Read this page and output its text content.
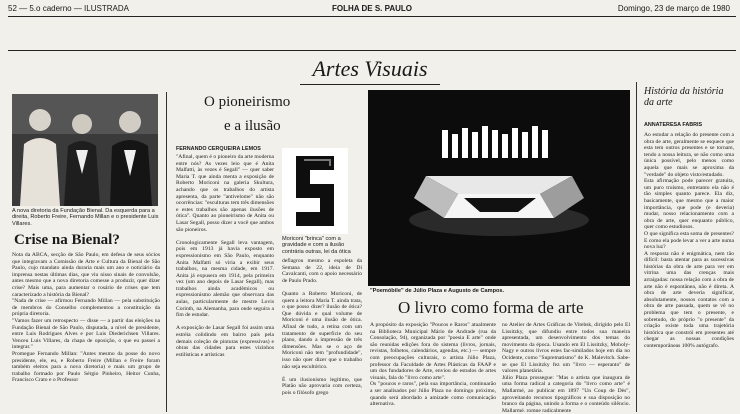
52 — 5.o caderno — ILUSTRADA	FOLHA DE S. PAULO	Domingo, 23 de março de 1980
Artes Visuais
A nova diretoria da Fundação Bienal. Da esquerda para a direita, Roberto Freire, Fernando Millan e o presidente Luis Villares.
Crise na Bienal?
Nota da ABCA, secção de São Paulo, em defesa de seus sócios que integravam a Comissão de Arte e Cultura da Bienal de São Paulo, cujo mandato ainda duraria mais um ano e noticiário da imprensa nestas últimas dias, que viu nisso sinais de convulsão, antes mesmo que a nova diretoria comesse a produzir, quer dizer crise? Mais uma, para aumentar o rosário de crises que tem caracterizado a história da Bienal?
"Nada de crise — afirmou Fernando Millan — pela substituição de membros do Conselho complementou a constituição da própria diretoria.
"Vamos fazer um retrospecto — disse — a partir das eleições na Fundação Bienal de São Paulo, disputada, a nível de presidente, entre Luis Rodrigues Alves e por Luis Diederichsen Villares. Venceu Luis Villares, da chapa de oposição, o que eu passei a integrar."
Promegue Fernando Millan: "Antes mesmo da posse do novo presidente, ele, eu, e Roberto Freire (Millan e Freire foram também eleitos para a nova diretoria) e mais um grupo de trabalho formado por Paulo Sérgio Pinheiro, Heitor Cunha, Francisco Crato e o Professor
O pioneirismo
e a ilusão
FERNANDO CERQUEIRA LEMOS
"Afinal, quem é o pioneiro da arte moderna entre nós? As vezes leio que é Anita Malfatti, às vezes é Segall" — quer saber Maria T. que ainda menta a exposição de Roberto Moriconi na galeria Skultura, achando que os trabalhos do artista apresenta, da parte "antivelome" não são ocorrências: "esculturas tem três dimensões e estes trabalhos são apenas ilusões de ótica". Quanto ao pioneirismo de Anita ou Lasar Segall, posso dizer a você que ambos são pioneiros.

Cronologicamente Segall leva vantagem, pois em 1913 já havia exposto em expressionismo em São Paulo, enquanto Anita Malfatti só viria a exibir seus trabalhos, na mesma cidade, em 1917. Anita já expusera em 1914, pela primeira vez (um ano depois de Lasar Segall), mas trabalhos ainda acadêmicos ou expressionismo alemão que observara das aulas, particularmente de mestre Lovis Corinth, na Alemanha, para onde seguira a fim de estudar.

A exposição de Lasar Segall foi assim uma estréia colidindo em bairro país pela demais coleção de pinturas (expressivas) e obras das cidades para estes vizinhos estilísticas e artísticas
Moriconi "brinca" com a gravidade e com a ilusão contrária outras, lei da ótica
deflagrou mesmo a espoleta da Semana de 22, ideia de Di Cavalcanti, com o apoio necessário de Paulo Prado.

Quanto a Roberto Moriconi, de quem a leitora Maria T. ainda trata, o que posso dizer? ilusão de ótica? Que dúvida e qual volume de Moriconi é uma ilusão de ótica. Afinal de tudo, a retina com um tratamento de superfície do seu plano, dando a impressão de três dimensões. Mas se o aço de Moriconi não tem "profundidade", isso não quer dizer que o trabalho não seja escultórico.

É um ilusionismo legítimo, que Platão não aprovaria com certeza, pois o filósofo grego
"Poemóbile" de Júlio Plaza e Augusto de Campos.
O livro como forma de arte
A propósito da exposição "Poucos e Raros" atualmente na Biblioteca Municipal Mário de Andrade (rua da Consolação, 94), organizada por "poesia E arte" onde são reunidas edições fora do sistema (livros, jornais, revistas, folhetos, calendários, agendas, etc.) — sempre com preocupações culturais, o artista Júlio Plaza, professor da Faculdade de Artes Plásticas da FAAP e um dos fundadores de Arte, enviou de estudos de artes visuais, fala do "livro como arte".
Os "poucos e raros", pela sua importância, continuarão a ser analisados por Júlio Plaza no domingo próximo, quando será abordado a amizade como comunicação alternativa.
no Atelier de Artes Gráficas de Vitebsk, dirigido pelo El Lissitzky, que difundiu entre todos sua maneira apresentada, um desenvolvimento dos temas do movimento da época. Usando em El Lissitzky, Moholy-Nagy e outros livros estes fac-similados hoje em dia no Ocidente, como "Suprematismo" de K. Malevitch. Sabe-se que El Lissitzky fez um "livro — esperanto" de valores planetária.
Júlio Plaza prossegue: "Mas o artista que inaugura de uma forma radical a categoria do "livro como arte" é Mallarmé, ao publicar em 1897 "Un Coup de Dès", aproveitando recursos tipográficos e sua disposição no branco da página, unindo a forma e o conteúdo silêncio. Mallarmé, rompe radicalmente
História da história da arte
ANNATERESA FABRIS
Ao estudar a relação do presente com a obra de arte, geralmente se esquece que esta tem outros presentes e se tornam, tendo a nossa leitura, se não como uma única possível, pelo menos como aquela que mais se aproxima da "verdade" do objeto visto/estudado.
Esta afirmação pode parecer gratuita, um puro truísmo, entretanto ela não é tão simples quanto parece. Ela diz, basicamente, que mesmo que a maior importância, que pode (e deveria) mudar, nosso relacionamento com a obra de arte, quer enquanto público, quer como estudiosos.
O que significa esta soma de presentes? E como ela pode levar a ver a arte numa nova luz?
A resposta não é enigmática, nem tão difícil: basta atentar para as sucessivas histórias da obra de arte para ver em vitrina uma das crenças mais arraigadas: nossa relação com a obra de arte não é espontânea, não é direta. A obra de arte deveria significar, absolutamente, nossos contatos com a obra de arte passada, quem se vê no problema que tem o presente, e sobretudo, do próprio "o presente" da criação existe toda uma trajetória histórica que constrói em presentes até chegar as nossas condições contemporâneas 100% autógrafo.
